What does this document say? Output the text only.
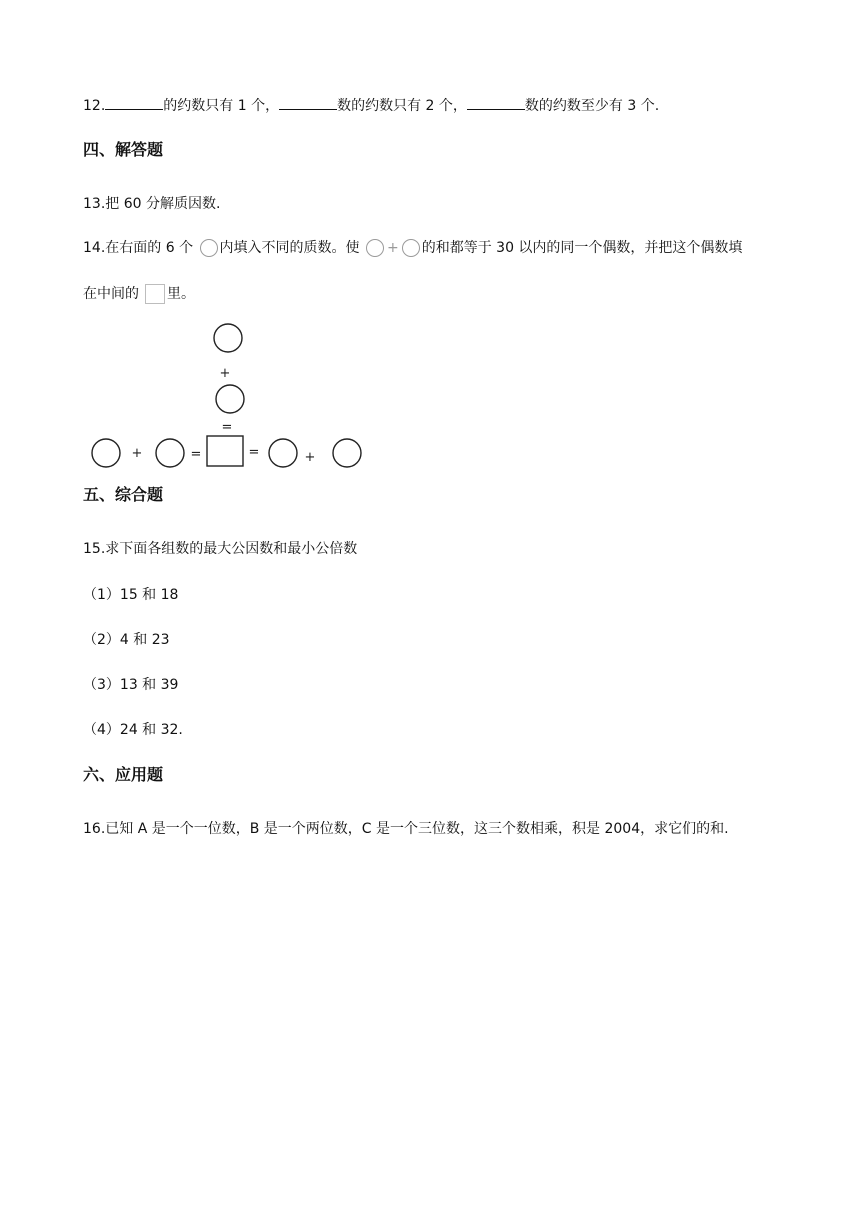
12.	的约数只有 1 个，	数的约数只有 2 个，	数的约数至少有 3 个.
四、解答题
13.把 60 分解质因数.
14.在右面的 6 个 内填入不同的质数。使 + 的和都等于 30 以内的同一个偶数，并把这个偶数填
在中间的 里。
+
=
+	=	=	+
五、综合题
15.求下面各组数的最大公因数和最小公倍数
（1）15 和 18
（2）4 和 23
（3）13 和 39
（4）24 和 32.
六、应用题
16.已知 A 是一个一位数，B 是一个两位数，C 是一个三位数，这三个数相乘，积是 2004，求它们的和.
